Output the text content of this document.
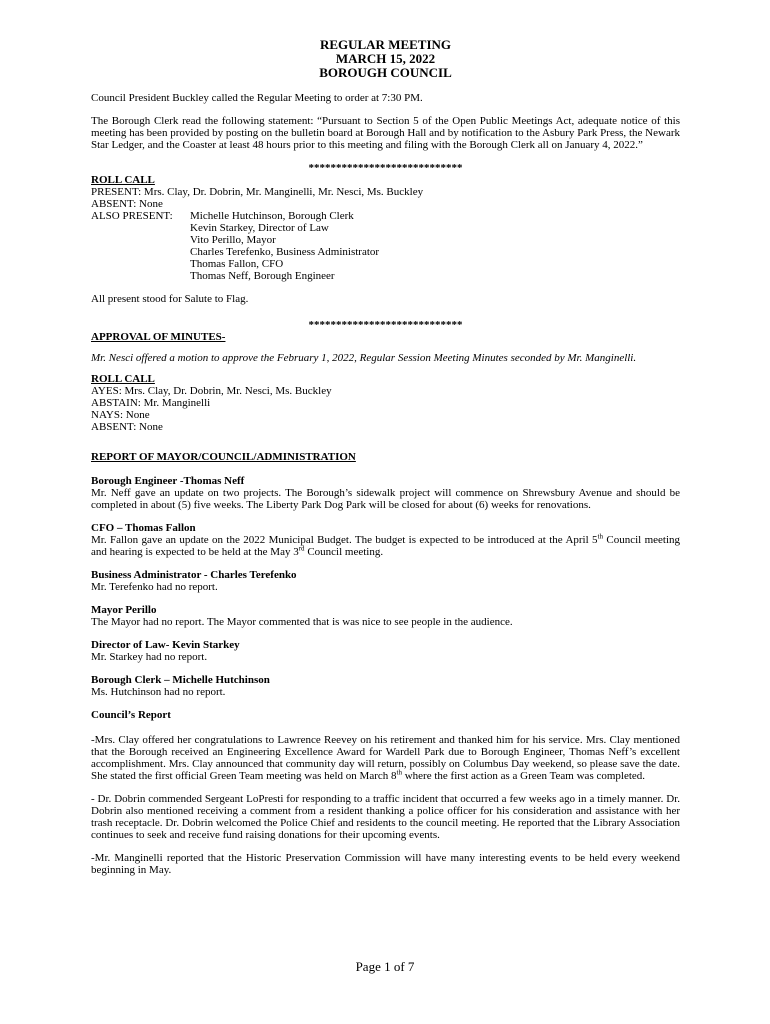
REGULAR MEETING
MARCH 15, 2022
BOROUGH COUNCIL

Council President Buckley called the Regular Meeting to order at 7:30 PM.

The Borough Clerk read the following statement: “Pursuant to Section 5 of the Open Public Meetings Act, adequate notice of this meeting has been provided by posting on the bulletin board at Borough Hall and by notification to the Asbury Park Press, the Newark Star Ledger, and the Coaster at least 48 hours prior to this meeting and filing with the Borough Clerk all on January 4, 2022.”

****************************

ROLL CALL
PRESENT: Mrs. Clay, Dr. Dobrin, Mr. Manginelli, Mr. Nesci, Ms. Buckley
ABSENT: None
ALSO PRESENT:	Michelle Hutchinson, Borough Clerk
Kevin Starkey, Director of Law
Vito Perillo, Mayor
Charles Terefenko, Business Administrator
Thomas Fallon, CFO
Thomas Neff, Borough Engineer

All present stood for Salute to Flag.

****************************

APPROVAL OF MINUTES-

Mr. Nesci offered a motion to approve the February 1, 2022, Regular Session Meeting Minutes seconded by Mr. Manginelli.

ROLL CALL
AYES: Mrs. Clay, Dr. Dobrin, Mr. Nesci, Ms. Buckley
ABSTAIN: Mr. Manginelli
NAYS: None
ABSENT: None

REPORT OF MAYOR/COUNCIL/ADMINISTRATION

Borough Engineer -Thomas Neff
Mr. Neff gave an update on two projects. The Borough’s sidewalk project will commence on Shrewsbury Avenue and should be completed in about (5) five weeks. The Liberty Park Dog Park will be closed for about (6) weeks for renovations.
CFO – Thomas Fallon
Mr. Fallon gave an update on the 2022 Municipal Budget. The budget is expected to be introduced at the April 5th Council meeting and hearing is expected to be held at the May 3rd Council meeting.
Business Administrator - Charles Terefenko
Mr. Terefenko had no report.
Mayor Perillo
The Mayor had no report. The Mayor commented that is was nice to see people in the audience.
Director of Law- Kevin Starkey
Mr. Starkey had no report.
Borough Clerk – Michelle Hutchinson
Ms. Hutchinson had no report.

Council’s Report

-Mrs. Clay offered her congratulations to Lawrence Reevey on his retirement and thanked him for his service. Mrs. Clay mentioned that the Borough received an Engineering Excellence Award for Wardell Park due to Borough Engineer, Thomas Neff’s excellent accomplishment. Mrs. Clay announced that community day will return, possibly on Columbus Day weekend, so please save the date. She stated the first official Green Team meeting was held on March 8th where the first action as a Green Team was completed.

- Dr. Dobrin commended Sergeant LoPresti for responding to a traffic incident that occurred a few weeks ago in a timely manner. Dr. Dobrin also mentioned receiving a comment from a resident thanking a police officer for his consideration and assistance with her trash receptacle. Dr. Dobrin welcomed the Police Chief and residents to the council meeting. He reported that the Library Association continues to seek and receive fund raising donations for their upcoming events.

-Mr. Manginelli reported that the Historic Preservation Commission will have many interesting events to be held every weekend beginning in May.

Page 1 of 7
